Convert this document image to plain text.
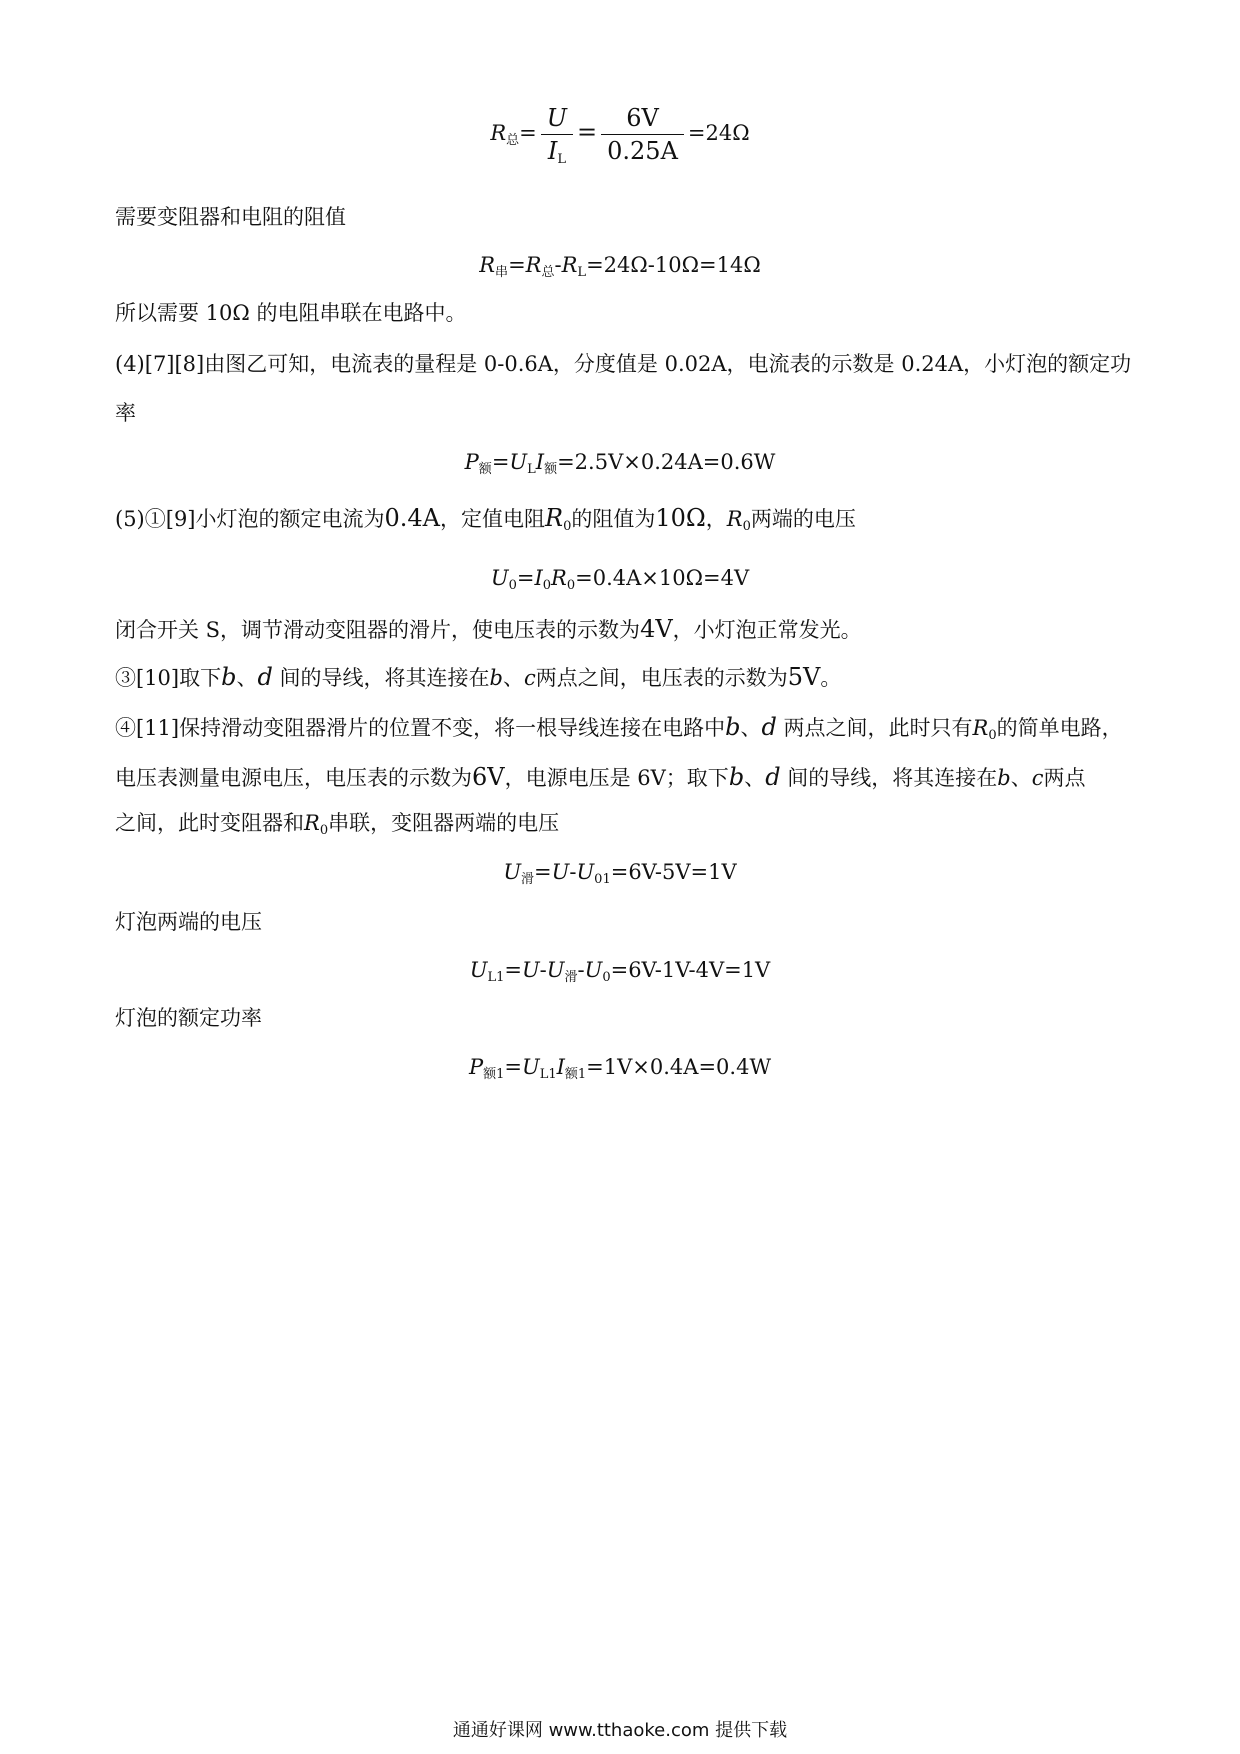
$R_总= \frac{U}{I_L} = \frac{6V}{0.25A} =24\Omega$
需要变阻器和电阻的阻值
$R_串=R_总-R_L=24\Omega-10\Omega=14\Omega$
所以需要 10Ω 的电阻串联在电路中。
(4)[7][8]由图乙可知，电流表的量程是 0-0.6A，分度值是 0.02A，电流表的示数是 0.24A，小灯泡的额定功
率
$P_额=U_LI_额=2.5V\times 0.24A=0.6W$
(5)①[9]小灯泡的额定电流为0.4A，定值电阻$R_0$的阻值为10Ω，$R_0$两端的电压
$U_0=I_0R_0=0.4A\times 10\Omega=4V$
闭合开关 S，调节滑动变阻器的滑片，使电压表的示数为4V，小灯泡正常发光。
③[10]取下b、d 间的导线，将其连接在b、c两点之间，电压表的示数为5V。
④[11]保持滑动变阻器滑片的位置不变，将一根导线连接在电路中b、d 两点之间，此时只有$R_0$的简单电路，
电压表测量电源电压，电压表的示数为6V，电源电压是 6V；取下b、d 间的导线，将其连接在b、c两点
之间，此时变阻器和$R_0$串联，变阻器两端的电压
$U_滑=U-U_{01}=6V-5V=1V$
灯泡两端的电压
$U_{L1}=U-U_滑-U_0=6V-1V-4V=1V$
灯泡的额定功率
$P_{额1}=U_{L1}I_{额1}=1V\times 0.4A=0.4W$
通通好课网 www.tthaoke.com 提供下载
